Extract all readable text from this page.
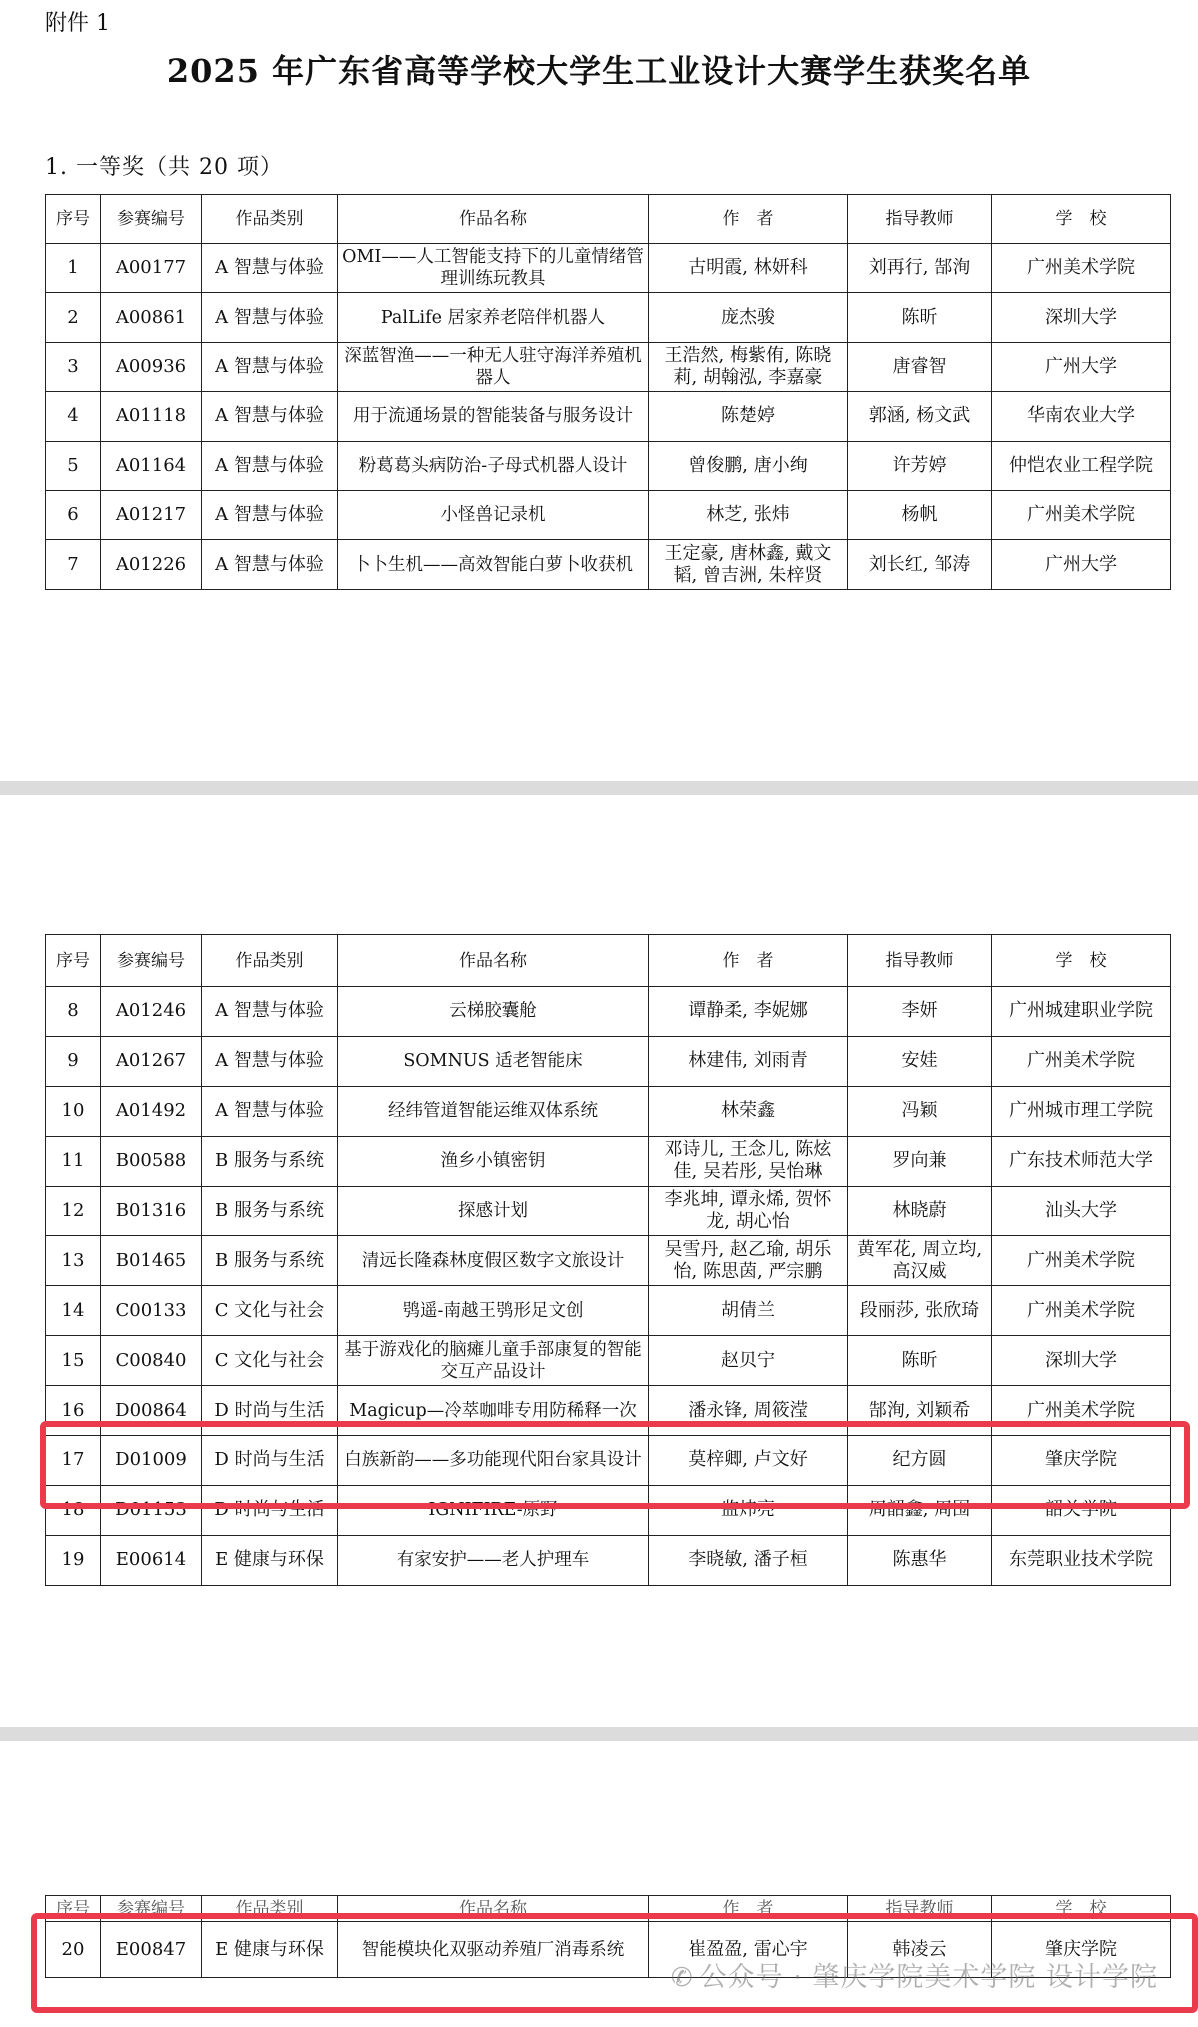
附件 1
2025 年广东省高等学校大学生工业设计大赛学生获奖名单
1. 一等奖（共 20 项）
序号	参赛编号	作品类别	作品名称	作　者	指导教师	学　校
1	A00177	A 智慧与体验	OMI——人工智能支持下的儿童情绪管理训练玩教具	古明霞, 林妍科	刘再行, 郜洵	广州美术学院
2	A00861	A 智慧与体验	PalLife 居家养老陪伴机器人	庞杰骏	陈昕	深圳大学
3	A00936	A 智慧与体验	深蓝智渔——一种无人驻守海洋养殖机器人	王浩然, 梅紫侑, 陈晓莉, 胡翰泓, 李嘉豪	唐睿智	广州大学
4	A01118	A 智慧与体验	用于流通场景的智能装备与服务设计	陈楚婷	郭涵, 杨文武	华南农业大学
5	A01164	A 智慧与体验	粉葛葛头病防治-子母式机器人设计	曾俊鹏, 唐小绚	许芳婷	仲恺农业工程学院
6	A01217	A 智慧与体验	小怪兽记录机	林芝, 张炜	杨帆	广州美术学院
7	A01226	A 智慧与体验	卜卜生机——高效智能白萝卜收获机	王定豪, 唐林鑫, 戴文韬, 曾吉洲, 朱梓贤	刘长红, 邹涛	广州大学
序号	参赛编号	作品类别	作品名称	作　者	指导教师	学　校
8	A01246	A 智慧与体验	云梯胶囊舱	谭静柔, 李妮娜	李妍	广州城建职业学院
9	A01267	A 智慧与体验	SOMNUS 适老智能床	林建伟, 刘雨青	安娃	广州美术学院
10	A01492	A 智慧与体验	经纬管道智能运维双体系统	林荣鑫	冯颖	广州城市理工学院
11	B00588	B 服务与系统	渔乡小镇密钥	邓诗儿, 王念儿, 陈炫佳, 吴若彤, 吴怡琳	罗向兼	广东技术师范大学
12	B01316	B 服务与系统	探感计划	李兆坤, 谭永烯, 贺怀龙, 胡心怡	林晓蔚	汕头大学
13	B01465	B 服务与系统	清远长隆森林度假区数字文旅设计	吴雪丹, 赵乙瑜, 胡乐怡, 陈思茵, 严宗鹏	黄军花, 周立均, 高汉威	广州美术学院
14	C00133	C 文化与社会	鸮遥-南越王鸮形足文创	胡倩兰	段丽莎, 张欣琦	广州美术学院
15	C00840	C 文化与社会	基于游戏化的脑瘫儿童手部康复的智能交互产品设计	赵贝宁	陈昕	深圳大学
16	D00864	D 时尚与生活	Magicup—冷萃咖啡专用防稀释一次	潘永锋, 周筱滢	郜洵, 刘颖希	广州美术学院
17	D01009	D 时尚与生活	白族新韵——多功能现代阳台家具设计	莫梓卿, 卢文好	纪方圆	肇庆学院
18	D01153	D 时尚与生活	IGNIFIRE-原野	监炜亮	周韶鑫, 周围	韶关学院
19	E00614	E 健康与环保	有家安护——老人护理车	李晓敏, 潘子桓	陈惠华	东莞职业技术学院
序号	参赛编号	作品类别	作品名称	作　者	指导教师	学　校
20	E00847	E 健康与环保	智能模块化双驱动养殖厂消毒系统	崔盈盈, 雷心宇	韩凌云	肇庆学院
✆ 公众号 · 肇庆学院美术学院 设计学院
